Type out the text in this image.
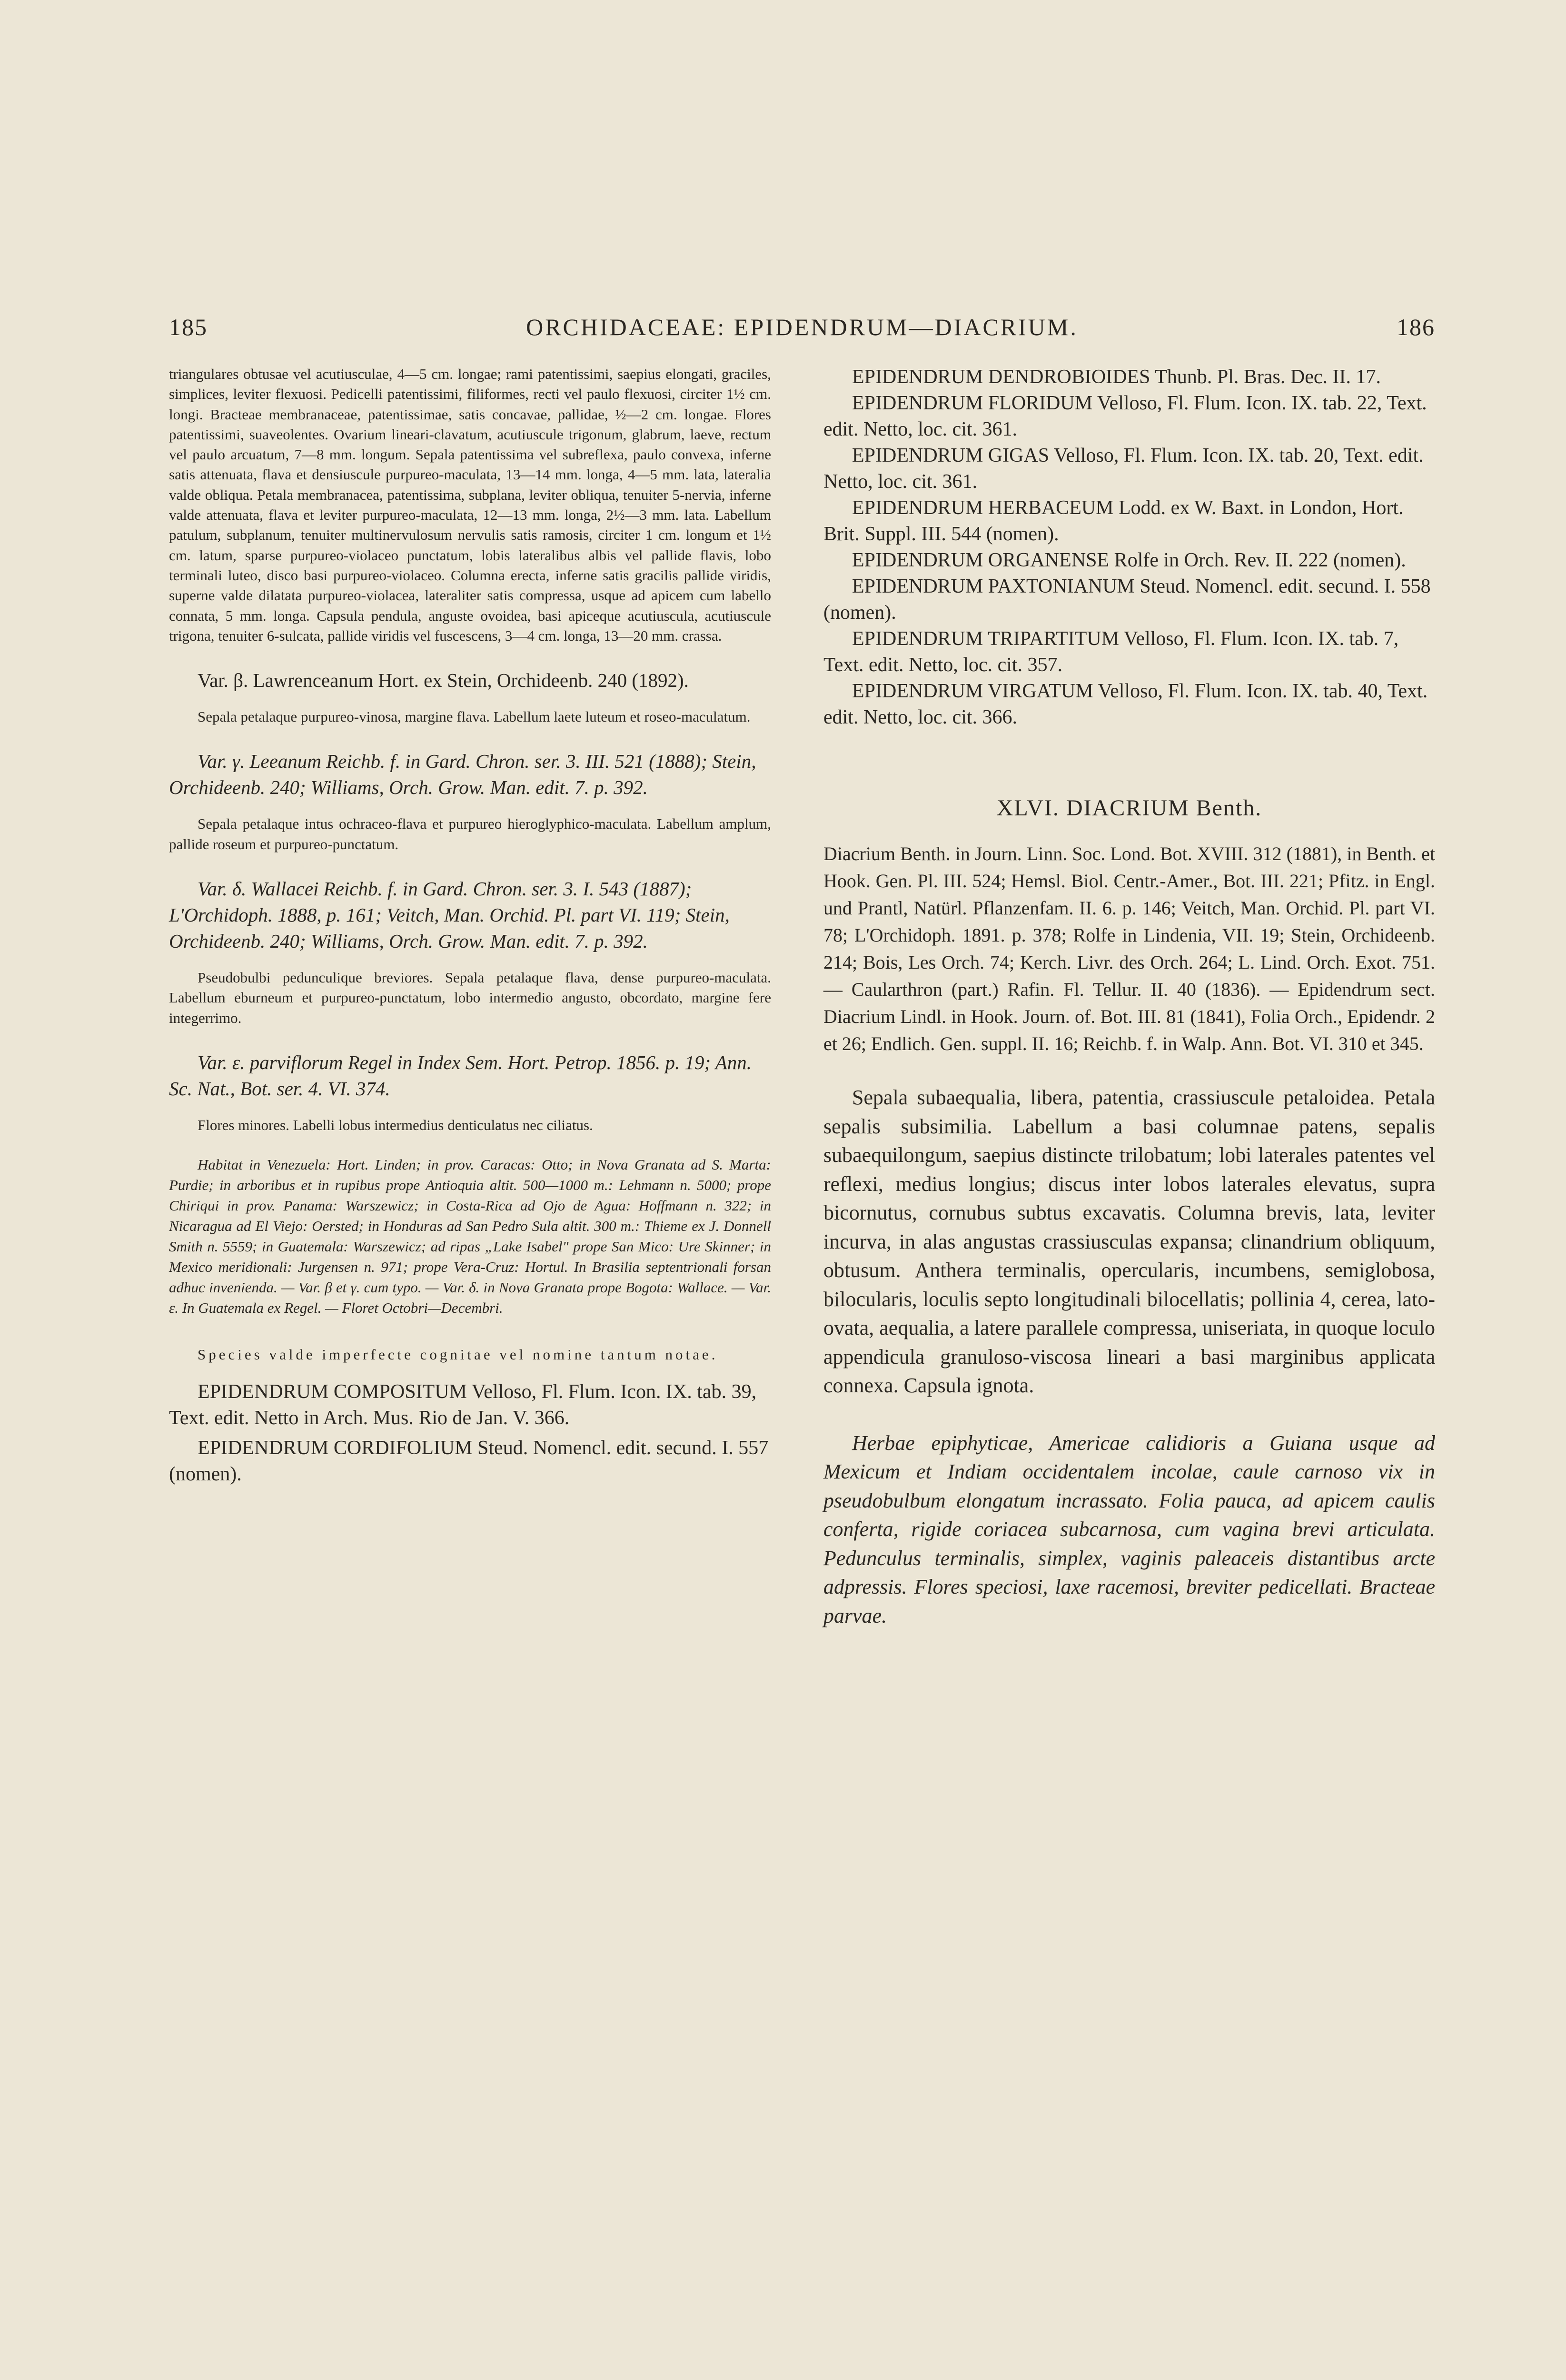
185	ORCHIDACEAE: EPIDENDRUM—DIACRIUM.	186

triangulares obtusae vel acutiusculae, 4—5 cm. longae; rami patentissimi, saepius elongati, graciles, simplices, leviter flexuosi. Pedicelli patentissimi, filiformes, recti vel paulo flexuosi, circiter 1½ cm. longi. Bracteae membranaceae, patentissimae, satis concavae, pallidae, ½—2 cm. longae. Flores patentissimi, suaveolentes. Ovarium lineari-clavatum, acutiuscule trigonum, glabrum, laeve, rectum vel paulo arcuatum, 7—8 mm. longum. Sepala patentissima vel subreflexa, paulo convexa, inferne satis attenuata, flava et densiuscule purpureo-maculata, 13—14 mm. longa, 4—5 mm. lata, lateralia valde obliqua. Petala membranacea, patentissima, subplana, leviter obliqua, tenuiter 5-nervia, inferne valde attenuata, flava et leviter purpureo-maculata, 12—13 mm. longa, 2½—3 mm. lata. Labellum patulum, subplanum, tenuiter multinervulosum nervulis satis ramosis, circiter 1 cm. longum et 1½ cm. latum, sparse purpureo-violaceo punctatum, lobis lateralibus albis vel pallide flavis, lobo terminali luteo, disco basi purpureo-violaceo. Columna erecta, inferne satis gracilis pallide viridis, superne valde dilatata purpureo-violacea, lateraliter satis compressa, usque ad apicem cum labello connata, 5 mm. longa. Capsula pendula, anguste ovoidea, basi apiceque acutiuscula, acutiuscule trigona, tenuiter 6-sulcata, pallide viridis vel fuscescens, 3—4 cm. longa, 13—20 mm. crassa.

Var. β. Lawrenceanum Hort. ex Stein, Orchideenb. 240 (1892).

Sepala petalaque purpureo-vinosa, margine flava. Labellum laete luteum et roseo-maculatum.

Var. γ. Leeanum Reichb. f. in Gard. Chron. ser. 3. III. 521 (1888); Stein, Orchideenb. 240; Williams, Orch. Grow. Man. edit. 7. p. 392.

Sepala petalaque intus ochraceo-flava et purpureo hieroglyphico-maculata. Labellum amplum, pallide roseum et purpureo-punctatum.

Var. δ. Wallacei Reichb. f. in Gard. Chron. ser. 3. I. 543 (1887); L'Orchidoph. 1888, p. 161; Veitch, Man. Orchid. Pl. part VI. 119; Stein, Orchideenb. 240; Williams, Orch. Grow. Man. edit. 7. p. 392.

Pseudobulbi pedunculique breviores. Sepala petalaque flava, dense purpureo-maculata. Labellum eburneum et purpureo-punctatum, lobo intermedio angusto, obcordato, margine fere integerrimo.

Var. ε. parviflorum Regel in Index Sem. Hort. Petrop. 1856. p. 19; Ann. Sc. Nat., Bot. ser. 4. VI. 374.

Flores minores. Labelli lobus intermedius denticulatus nec ciliatus.

Habitat in Venezuela: Hort. Linden; in prov. Caracas: Otto; in Nova Granata ad S. Marta: Purdie; in arboribus et in rupibus prope Antioquia altit. 500—1000 m.: Lehmann n. 5000; prope Chiriqui in prov. Panama: Warszewicz; in Costa-Rica ad Ojo de Agua: Hoffmann n. 322; in Nicaragua ad El Viejo: Oersted; in Honduras ad San Pedro Sula altit. 300 m.: Thieme ex J. Donnell Smith n. 5559; in Guatemala: Warszewicz; ad ripas „Lake Isabel" prope San Mico: Ure Skinner; in Mexico meridionali: Jurgensen n. 971; prope Vera-Cruz: Hortul. In Brasilia septentrionali forsan adhuc invenienda. — Var. β et γ. cum typo. — Var. δ. in Nova Granata prope Bogota: Wallace. — Var. ε. In Guatemala ex Regel. — Floret Octobri—Decembri.

Species valde imperfecte cognitae vel nomine tantum notae.

EPIDENDRUM COMPOSITUM Velloso, Fl. Flum. Icon. IX. tab. 39, Text. edit. Netto in Arch. Mus. Rio de Jan. V. 366.

EPIDENDRUM CORDIFOLIUM Steud. Nomencl. edit. secund. I. 557 (nomen).

EPIDENDRUM DENDROBIOIDES Thunb. Pl. Bras. Dec. II. 17.

EPIDENDRUM FLORIDUM Velloso, Fl. Flum. Icon. IX. tab. 22, Text. edit. Netto, loc. cit. 361.

EPIDENDRUM GIGAS Velloso, Fl. Flum. Icon. IX. tab. 20, Text. edit. Netto, loc. cit. 361.

EPIDENDRUM HERBACEUM Lodd. ex W. Baxt. in London, Hort. Brit. Suppl. III. 544 (nomen).

EPIDENDRUM ORGANENSE Rolfe in Orch. Rev. II. 222 (nomen).

EPIDENDRUM PAXTONIANUM Steud. Nomencl. edit. secund. I. 558 (nomen).

EPIDENDRUM TRIPARTITUM Velloso, Fl. Flum. Icon. IX. tab. 7, Text. edit. Netto, loc. cit. 357.

EPIDENDRUM VIRGATUM Velloso, Fl. Flum. Icon. IX. tab. 40, Text. edit. Netto, loc. cit. 366.

XLVI. DIACRIUM Benth.

Diacrium Benth. in Journ. Linn. Soc. Lond. Bot. XVIII. 312 (1881), in Benth. et Hook. Gen. Pl. III. 524; Hemsl. Biol. Centr.-Amer., Bot. III. 221; Pfitz. in Engl. und Prantl, Natürl. Pflanzenfam. II. 6. p. 146; Veitch, Man. Orchid. Pl. part VI. 78; L'Orchidoph. 1891. p. 378; Rolfe in Lindenia, VII. 19; Stein, Orchideenb. 214; Bois, Les Orch. 74; Kerch. Livr. des Orch. 264; L. Lind. Orch. Exot. 751. — Caularthron (part.) Rafin. Fl. Tellur. II. 40 (1836). — Epidendrum sect. Diacrium Lindl. in Hook. Journ. of. Bot. III. 81 (1841), Folia Orch., Epidendr. 2 et 26; Endlich. Gen. suppl. II. 16; Reichb. f. in Walp. Ann. Bot. VI. 310 et 345.

Sepala subaequalia, libera, patentia, crassiuscule petaloidea. Petala sepalis subsimilia. Labellum a basi columnae patens, sepalis subaequilongum, saepius distincte trilobatum; lobi laterales patentes vel reflexi, medius longius; discus inter lobos laterales elevatus, supra bicornutus, cornubus subtus excavatis. Columna brevis, lata, leviter incurva, in alas angustas crassiusculas expansa; clinandrium obliquum, obtusum. Anthera terminalis, opercularis, incumbens, semiglobosa, bilocularis, loculis septo longitudinali bilocellatis; pollinia 4, cerea, lato-ovata, aequalia, a latere parallele compressa, uniseriata, in quoque loculo appendicula granuloso-viscosa lineari a basi marginibus applicata connexa. Capsula ignota.

Herbae epiphyticae, Americae calidioris a Guiana usque ad Mexicum et Indiam occidentalem incolae, caule carnoso vix in pseudobulbum elongatum incrassato. Folia pauca, ad apicem caulis conferta, rigide coriacea subcarnosa, cum vagina brevi articulata. Pedunculus terminalis, simplex, vaginis paleaceis distantibus arcte adpressis. Flores speciosi, laxe racemosi, breviter pedicellati. Bracteae parvae.
